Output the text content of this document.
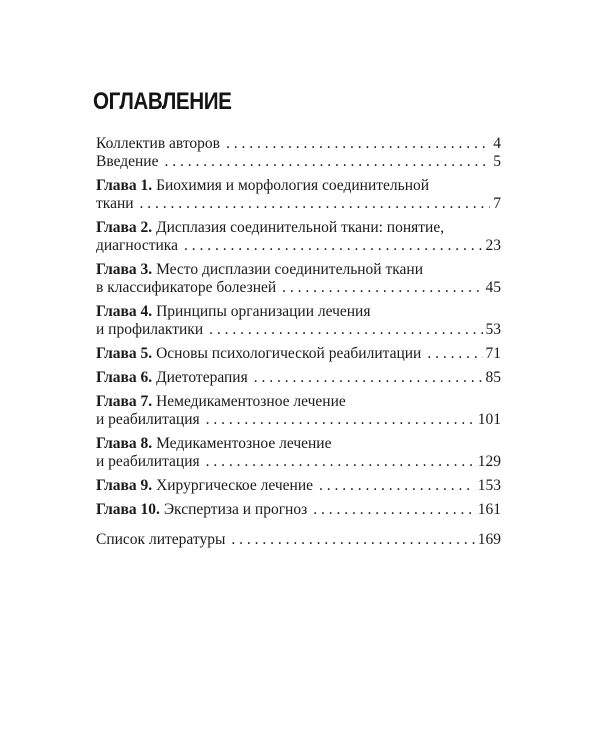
ОГЛАВЛЕНИЕ
Коллектив авторов . . .	4
Введение . . .	5
Глава 1. Биохимия и морфология соединительной
ткани . . .	7
Глава 2. Дисплазия соединительной ткани: понятие,
диагностика . . .	23
Глава 3. Место дисплазии соединительной ткани
в классификаторе болезней . . .	45
Глава 4. Принципы организации лечения
и профилактики . . .	53
Глава 5. Основы психологической реабилитации . . .	71
Глава 6. Диетотерапия . . .	85
Глава 7. Немедикаментозное лечение
и реабилитация . . .	101
Глава 8. Медикаментозное лечение
и реабилитация . . .	129
Глава 9. Хирургическое лечение . . .	153
Глава 10. Экспертиза и прогноз . . .	161
Список литературы . . .	169
